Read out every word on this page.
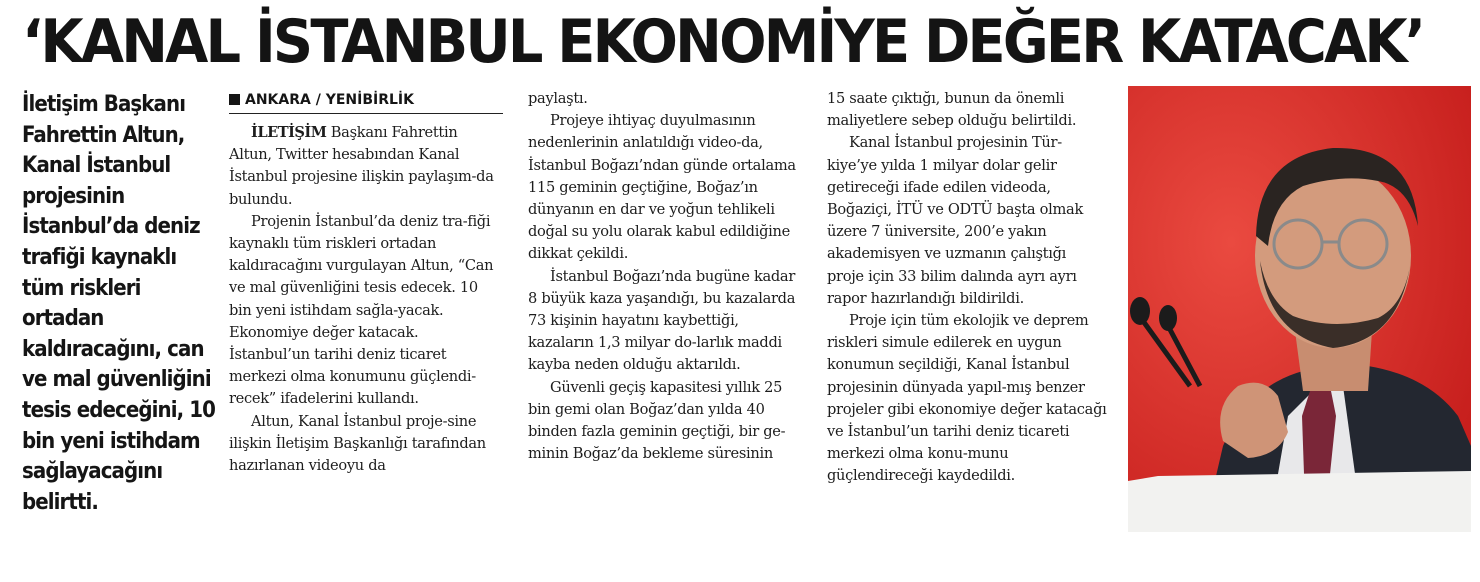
‘KANAL İSTANBUL EKONOMİYE DEĞER KATACAK’

İletişim Başkanı Fahrettin Altun, Kanal İstanbul projesinin İstanbul’da deniz trafiği kaynaklı tüm riskleri ortadan kaldıracağını, can ve mal güvenliğini tesis edeceğini, 10 bin yeni istihdam sağlayacağını belirtti.

ANKARA / YENİBİRLİK

İLETİŞİM Başkanı Fahrettin Altun, Twitter hesabından Kanal İstanbul projesine ilişkin paylaşım-da bulundu.

Projenin İstanbul’da deniz tra-fiği kaynaklı tüm riskleri ortadan kaldıracağını vurgulayan Altun, “Can ve mal güvenliğini tesis edecek. 10 bin yeni istihdam sağla-yacak. Ekonomiye değer katacak. İstanbul’un tarihi deniz ticaret merkezi olma konumunu güçlendi-recek” ifadelerini kullandı.

Altun, Kanal İstanbul proje-sine ilişkin İletişim Başkanlığı tarafından hazırlanan videoyu da

paylaştı.

Projeye ihtiyaç duyulmasının nedenlerinin anlatıldığı video-da, İstanbul Boğazı’ndan günde ortalama 115 geminin geçtiğine, Boğaz’ın dünyanın en dar ve yoğun tehlikeli doğal su yolu olarak kabul edildiğine dikkat çekildi.

İstanbul Boğazı’nda bugüne kadar 8 büyük kaza yaşandığı, bu kazalarda 73 kişinin hayatını kaybettiği, kazaların 1,3 milyar do-larlık maddi kayba neden olduğu aktarıldı.

Güvenli geçiş kapasitesi yıllık 25 bin gemi olan Boğaz’dan yılda 40 binden fazla geminin geçtiği, bir ge-minin Boğaz’da bekleme süresinin

15 saate çıktığı, bunun da önemli maliyetlere sebep olduğu belirtildi.

Kanal İstanbul projesinin Tür-kiye’ye yılda 1 milyar dolar gelir getireceği ifade edilen videoda, Boğaziçi, İTÜ ve ODTÜ başta olmak üzere 7 üniversite, 200’e yakın akademisyen ve uzmanın çalıştığı proje için 33 bilim dalında ayrı ayrı rapor hazırlandığı bildirildi.

Proje için tüm ekolojik ve deprem riskleri simule edilerek en uygun konumun seçildiği, Kanal İstanbul projesinin dünyada yapıl-mış benzer projeler gibi ekonomiye değer katacağı ve İstanbul’un tarihi deniz ticareti merkezi olma konu-munu güçlendireceği kaydedildi.
